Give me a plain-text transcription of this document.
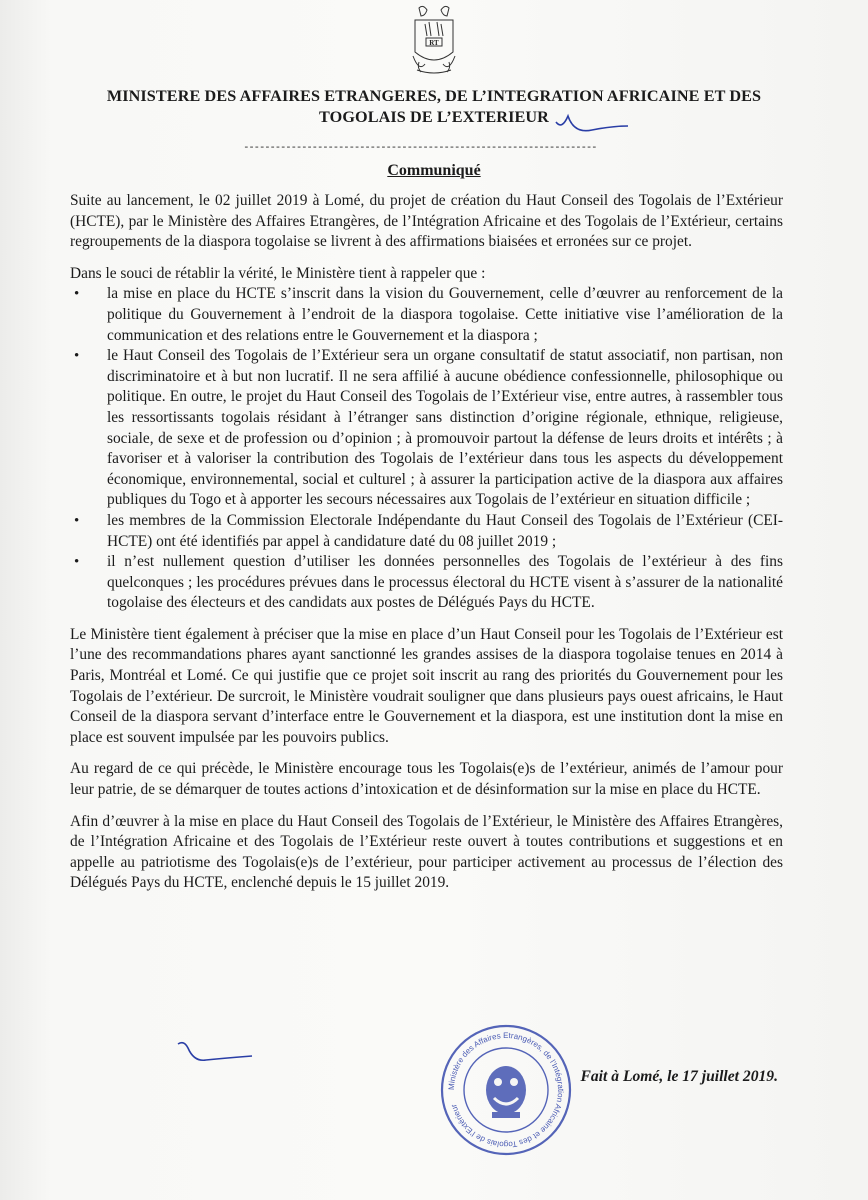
RT
MINISTERE DES AFFAIRES ETRANGERES, DE L’INTEGRATION AFRICAINE ET DES
TOGOLAIS DE L’EXTERIEUR
-------------------------------------------------------------------
Communiqué

Suite au lancement, le 02 juillet 2019 à Lomé, du projet de création du Haut Conseil des Togolais de l’Extérieur (HCTE), par le Ministère des Affaires Etrangères, de l’Intégration Africaine et des Togolais de l’Extérieur, certains regroupements de la diaspora togolaise se livrent à des affirmations biaisées et erronées sur ce projet.

Dans le souci de rétablir la vérité, le Ministère tient à rappeler que :

• la mise en place du HCTE s’inscrit dans la vision du Gouvernement, celle d’œuvrer au renforcement de la politique du Gouvernement à l’endroit de la diaspora togolaise. Cette initiative vise l’amélioration de la communication et des relations entre le Gouvernement et la diaspora ;
• le Haut Conseil des Togolais de l’Extérieur sera un organe consultatif de statut associatif, non partisan, non discriminatoire et à but non lucratif. Il ne sera affilié à aucune obédience confessionnelle, philosophique ou politique. En outre, le projet du Haut Conseil des Togolais de l’Extérieur vise, entre autres, à rassembler tous les ressortissants togolais résidant à l’étranger sans distinction d’origine régionale, ethnique, religieuse, sociale, de sexe et de profession ou d’opinion ; à promouvoir partout la défense de leurs droits et intérêts ; à favoriser et à valoriser la contribution des Togolais de l’extérieur dans tous les aspects du développement économique, environnemental, social et culturel ; à assurer la participation active de la diaspora aux affaires publiques du Togo et à apporter les secours nécessaires aux Togolais de l’extérieur en situation difficile ;
• les membres de la Commission Electorale Indépendante du Haut Conseil des Togolais de l’Extérieur (CEI-HCTE) ont été identifiés par appel à candidature daté du 08 juillet 2019 ;
• il n’est nullement question d’utiliser les données personnelles des Togolais de l’extérieur à des fins quelconques ; les procédures prévues dans le processus électoral du HCTE visent à s’assurer de la nationalité togolaise des électeurs et des candidats aux postes de Délégués Pays du HCTE.

Le Ministère tient également à préciser que la mise en place d’un Haut Conseil pour les Togolais de l’Extérieur est l’une des recommandations phares ayant sanctionné les grandes assises de la diaspora togolaise tenues en 2014 à Paris, Montréal et Lomé. Ce qui justifie que ce projet soit inscrit au rang des priorités du Gouvernement pour les Togolais de l’extérieur. De surcroit, le Ministère voudrait souligner que dans plusieurs pays ouest africains, le Haut Conseil de la diaspora servant d’interface entre le Gouvernement et la diaspora, est une institution dont la mise en place est souvent impulsée par les pouvoirs publics.

Au regard de ce qui précède, le Ministère encourage tous les Togolais(e)s de l’extérieur, animés de l’amour pour leur patrie, de se démarquer de toutes actions d’intoxication et de désinformation sur la mise en place du HCTE.

Afin d’œuvrer à la mise en place du Haut Conseil des Togolais de l’Extérieur, le Ministère des Affaires Etrangères, de l’Intégration Africaine et des Togolais de l’Extérieur reste ouvert à toutes contributions et suggestions et en appelle au patriotisme des Togolais(e)s de l’extérieur, pour participer activement au processus de l’élection des Délégués Pays du HCTE, enclenché depuis le 15 juillet 2019.

Ministère des Affaires Etrangères, de l’Intégration Africaine et des Togolais de l’Extérieur
Fait à Lomé, le 17 juillet 2019.
